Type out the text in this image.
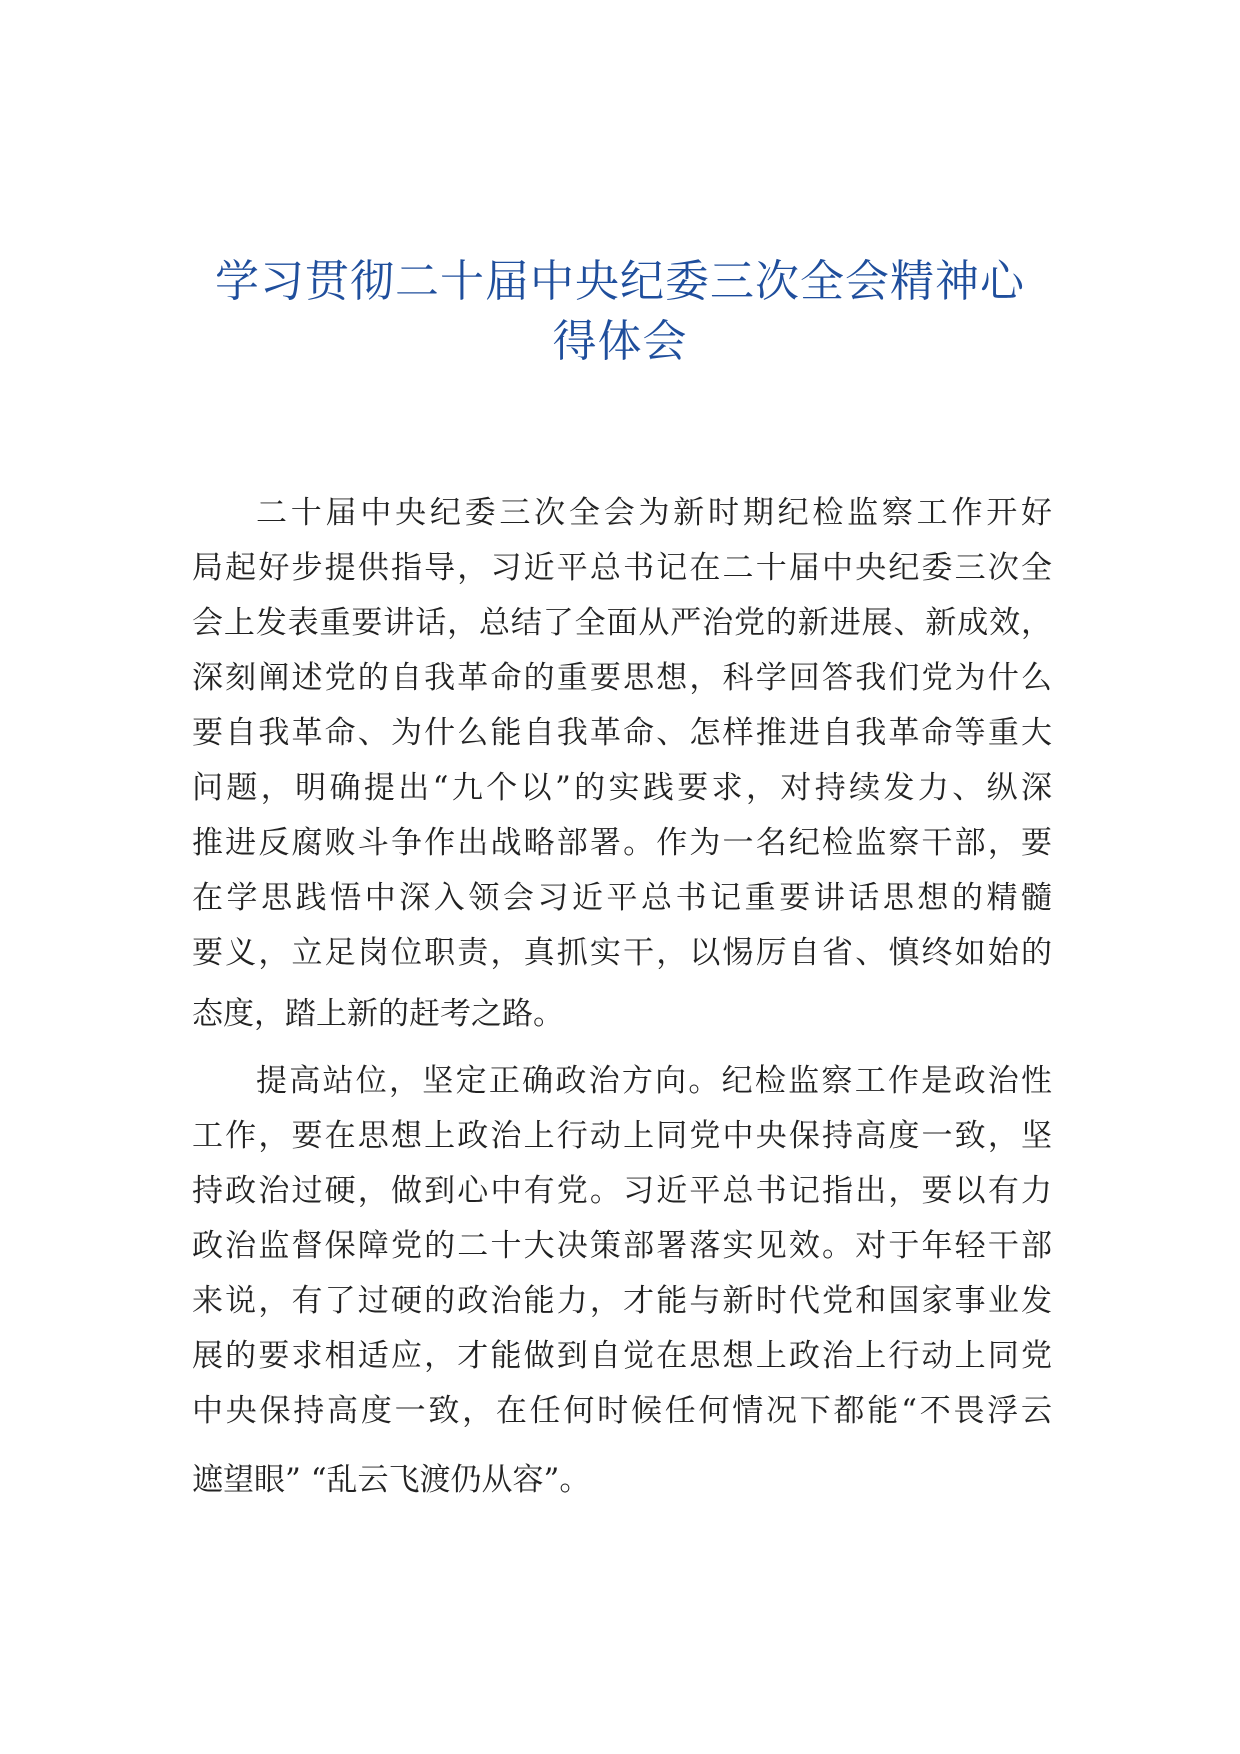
学习贯彻二十届中央纪委三次全会精神心
得体会
二十届中央纪委三次全会为新时期纪检监察工作开好
局起好步提供指导，习近平总书记在二十届中央纪委三次全
会上发表重要讲话，总结了全面从严治党的新进展、新成效，
深刻阐述党的自我革命的重要思想，科学回答我们党为什么
要自我革命、为什么能自我革命、怎样推进自我革命等重大
问题，明确提出“九个以”的实践要求，对持续发力、纵深
推进反腐败斗争作出战略部署。作为一名纪检监察干部，要
在学思践悟中深入领会习近平总书记重要讲话思想的精髓
要义，立足岗位职责，真抓实干，以惕厉自省、慎终如始的
态度，踏上新的赶考之路。
提高站位，坚定正确政治方向。纪检监察工作是政治性
工作，要在思想上政治上行动上同党中央保持高度一致，坚
持政治过硬，做到心中有党。习近平总书记指出，要以有力
政治监督保障党的二十大决策部署落实见效。对于年轻干部
来说，有了过硬的政治能力，才能与新时代党和国家事业发
展的要求相适应，才能做到自觉在思想上政治上行动上同党
中央保持高度一致，在任何时候任何情况下都能“不畏浮云
遮望眼” “乱云飞渡仍从容”。
